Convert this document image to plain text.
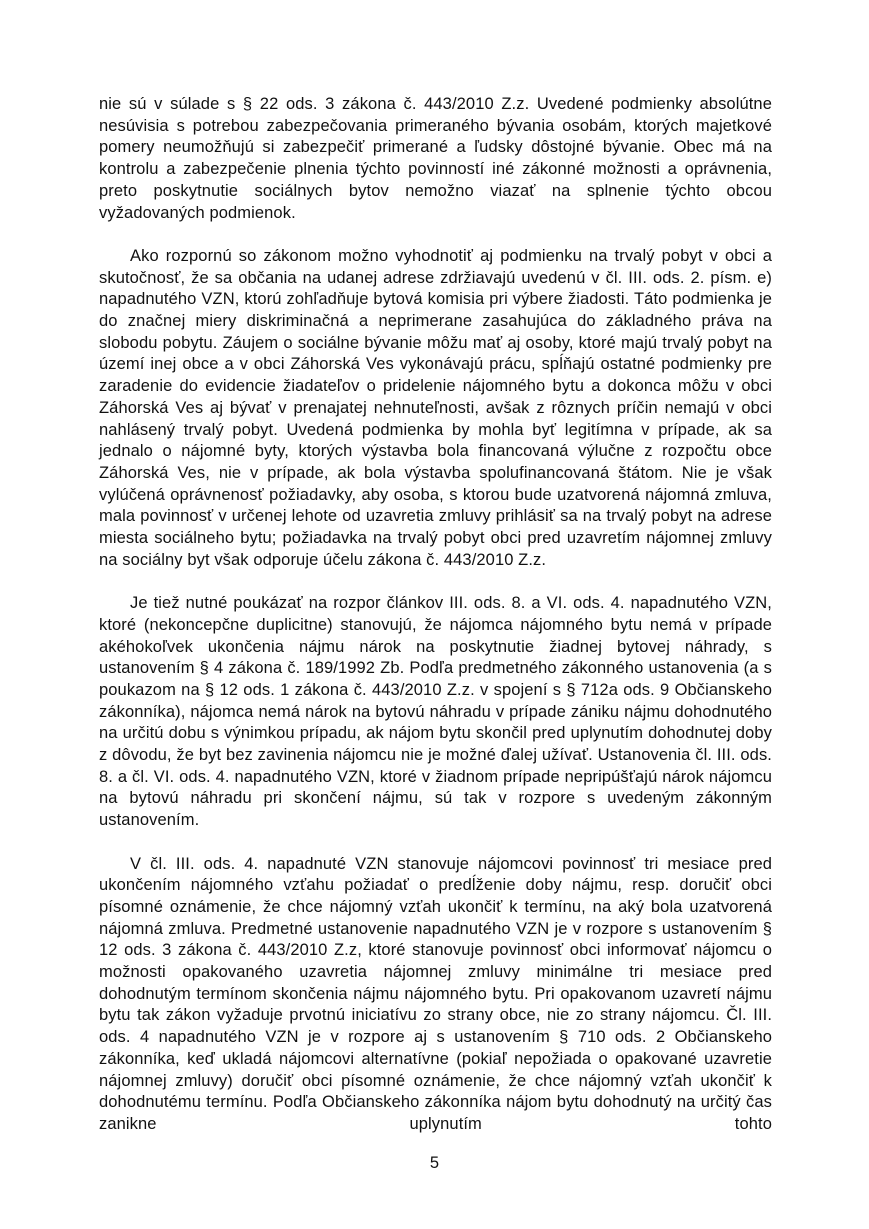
nie sú v súlade s § 22 ods. 3 zákona č. 443/2010 Z.z. Uvedené podmienky absolútne nesúvisia s potrebou zabezpečovania primeraného bývania osobám, ktorých majetkové pomery neumožňujú si zabezpečiť primerané a ľudsky dôstojné bývanie. Obec má na kontrolu a zabezpečenie plnenia týchto povinností iné zákonné možnosti a oprávnenia, preto poskytnutie sociálnych bytov nemožno viazať na splnenie týchto obcou vyžadovaných podmienok.

Ako rozpornú so zákonom možno vyhodnotiť aj podmienku na trvalý pobyt v obci a skutočnosť, že sa občania na udanej adrese zdržiavajú uvedenú v čl. III. ods. 2. písm. e) napadnutého VZN, ktorú zohľadňuje bytová komisia pri výbere žiadosti. Táto podmienka je do značnej miery diskriminačná a neprimerane zasahujúca do základného práva na slobodu pobytu. Záujem o sociálne bývanie môžu mať aj osoby, ktoré majú trvalý pobyt na území inej obce a v obci Záhorská Ves vykonávajú prácu, spĺňajú ostatné podmienky pre zaradenie do evidencie žiadateľov o pridelenie nájomného bytu a dokonca môžu v obci Záhorská Ves aj bývať v prenajatej nehnuteľnosti, avšak z rôznych príčin nemajú v obci nahlásený trvalý pobyt. Uvedená podmienka by mohla byť legitímna v prípade, ak sa jednalo o nájomné byty, ktorých výstavba bola financovaná výlučne z rozpočtu obce Záhorská Ves, nie v prípade, ak bola výstavba spolufinancovaná štátom. Nie je však vylúčená oprávnenosť požiadavky, aby osoba, s ktorou bude uzatvorená nájomná zmluva, mala povinnosť v určenej lehote od uzavretia zmluvy prihlásiť sa na trvalý pobyt na adrese miesta sociálneho bytu; požiadavka na trvalý pobyt obci pred uzavretím nájomnej zmluvy na sociálny byt však odporuje účelu zákona č. 443/2010 Z.z.

Je tiež nutné poukázať na rozpor článkov III. ods. 8. a VI. ods. 4. napadnutého VZN, ktoré (nekoncepčne duplicitne) stanovujú, že nájomca nájomného bytu nemá v prípade akéhokoľvek ukončenia nájmu nárok na poskytnutie žiadnej bytovej náhrady, s ustanovením § 4 zákona č. 189/1992 Zb. Podľa predmetného zákonného ustanovenia (a s poukazom na § 12 ods. 1 zákona č. 443/2010 Z.z. v spojení s § 712a ods. 9 Občianskeho zákonníka), nájomca nemá nárok na bytovú náhradu v prípade zániku nájmu dohodnutého na určitú dobu s výnimkou prípadu, ak nájom bytu skončil pred uplynutím dohodnutej doby z dôvodu, že byt bez zavinenia nájomcu nie je možné ďalej užívať. Ustanovenia čl. III. ods. 8. a čl. VI. ods. 4. napadnutého VZN, ktoré v žiadnom prípade nepripúšťajú nárok nájomcu na bytovú náhradu pri skončení nájmu, sú tak v rozpore s uvedeným zákonným ustanovením.

V čl. III. ods. 4. napadnuté VZN stanovuje nájomcovi povinnosť tri mesiace pred ukončením nájomného vzťahu požiadať o predĺženie doby nájmu, resp. doručiť obci písomné oznámenie, že chce nájomný vzťah ukončiť k termínu, na aký bola uzatvorená nájomná zmluva. Predmetné ustanovenie napadnutého VZN je v rozpore s ustanovením § 12 ods. 3 zákona č. 443/2010 Z.z, ktoré stanovuje povinnosť obci informovať nájomcu o možnosti opakovaného uzavretia nájomnej zmluvy minimálne tri mesiace pred dohodnutým termínom skončenia nájmu nájomného bytu. Pri opakovanom uzavretí nájmu bytu tak zákon vyžaduje prvotnú iniciatívu zo strany obce, nie zo strany nájomcu. Čl. III. ods. 4 napadnutého VZN je v rozpore aj s ustanovením § 710 ods. 2 Občianskeho zákonníka, keď ukladá nájomcovi alternatívne (pokiaľ nepožiada o opakované uzavretie nájomnej zmluvy) doručiť obci písomné oznámenie, že chce nájomný vzťah ukončiť k dohodnutému termínu. Podľa Občianskeho zákonníka nájom bytu dohodnutý na určitý čas zanikne uplynutím tohto

5
